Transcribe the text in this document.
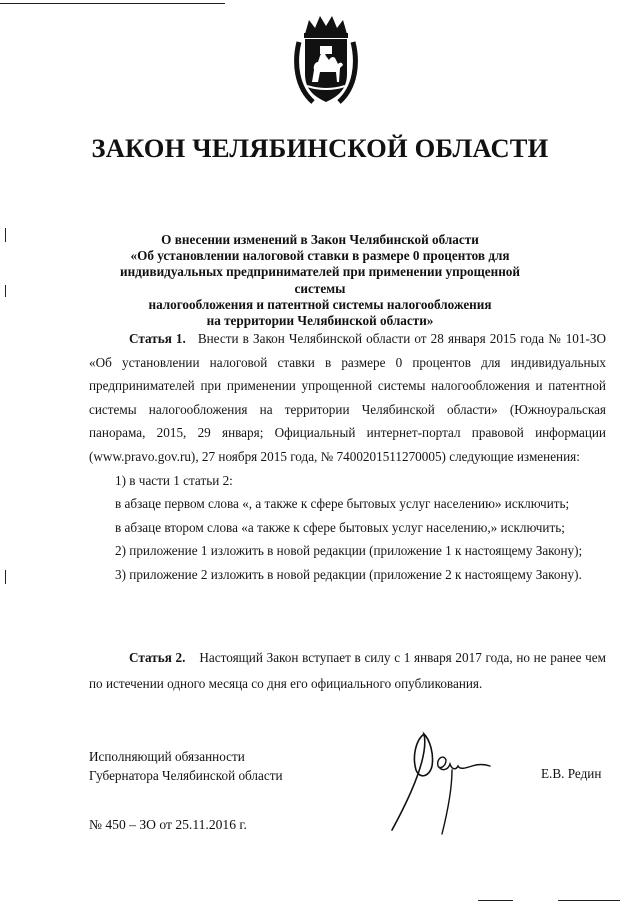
ЗАКОН ЧЕЛЯБИНСКОЙ ОБЛАСТИ
О внесении изменений в Закон Челябинской области
«Об установлении налоговой ставки в размере 0 процентов для
индивидуальных предпринимателей при применении упрощенной системы
налогообложения и патентной системы налогообложения
на территории Челябинской области»

Статья 1. Внести в Закон Челябинской области от 28 января 2015 года № 101-ЗО «Об установлении налоговой ставки в размере 0 процентов для индивидуальных предпринимателей при применении упрощенной системы налогообложения и патентной системы налогообложения на территории Челябинской области» (Южноуральская панорама, 2015, 29 января; Официальный интернет-портал правовой информации (www.pravo.gov.ru), 27 ноября 2015 года, № 7400201511270005) следующие изменения:

1) в части 1 статьи 2:

в абзаце первом слова «, а также к сфере бытовых услуг населению» исключить;

в абзаце втором слова «а также к сфере бытовых услуг населению,» исключить;

2) приложение 1 изложить в новой редакции (приложение 1 к настоящему Закону);

3) приложение 2 изложить в новой редакции (приложение 2 к настоящему Закону).

Статья 2. Настоящий Закон вступает в силу с 1 января 2017 года, но не ранее чем по истечении одного месяца со дня его официального опубликования.

Исполняющий обязанности
Губернатора Челябинской области	Е.В. Редин
№ 450 – ЗО от 25.11.2016 г.
